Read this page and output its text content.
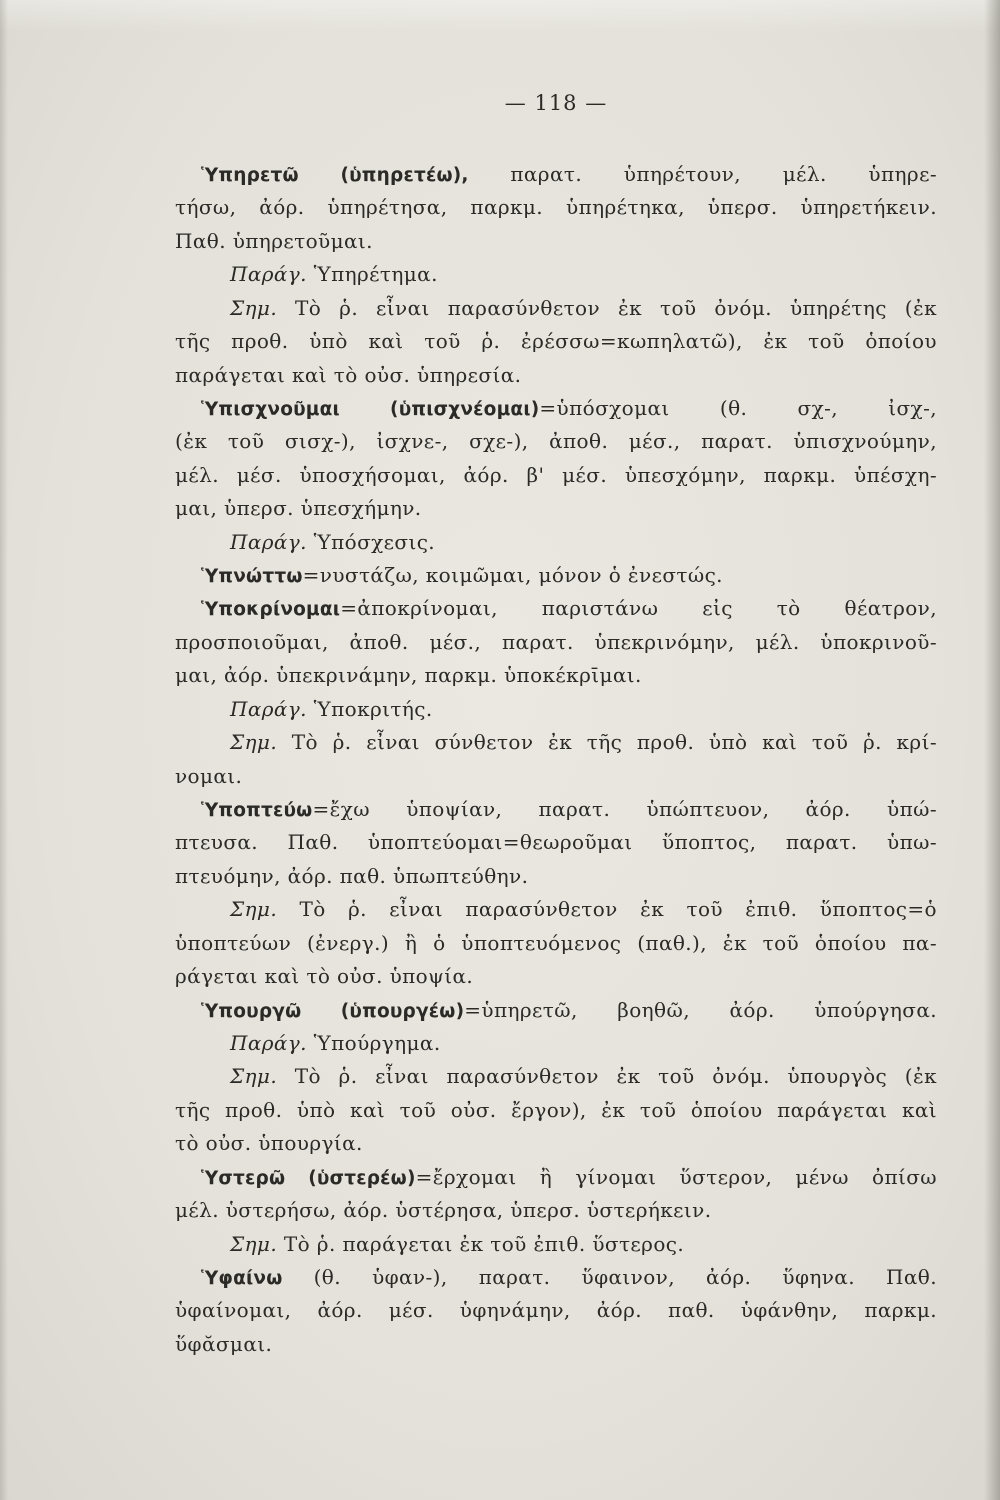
— 118 —
Ὑπηρετῶ (ὑπηρετέω), παρατ. ὑπηρέτουν, μέλ. ὑπηρε-
τήσω, ἀόρ. ὑπηρέτησα, παρκμ. ὑπηρέτηκα, ὑπερσ. ὑπηρετήκειν.
Παθ. ὑπηρετοῦμαι.
Παράγ. Ὑπηρέτημα.
Σημ. Τὸ ῥ. εἶναι παρασύνθετον ἐκ τοῦ ὀνόμ. ὑπηρέτης (ἐκ
τῆς προθ. ὑπὸ καὶ τοῦ ῥ. ἐρέσσω=κωπηλατῶ), ἐκ τοῦ ὁποίου
παράγεται καὶ τὸ οὐσ. ὑπηρεσία.
Ὑπισχνοῦμαι (ὑπισχνέομαι)=ὑπόσχομαι (θ. σχ-, ἰσχ-,
(ἐκ τοῦ σισχ-), ἰσχνε-, σχε-), ἀποθ. μέσ., παρατ. ὑπισχνούμην,
μέλ. μέσ. ὑποσχήσομαι, ἀόρ. β' μέσ. ὑπεσχόμην, παρκμ. ὑπέσχη-
μαι, ὑπερσ. ὑπεσχήμην.
Παράγ. Ὑπόσχεσις.
Ὑπνώττω=νυστάζω, κοιμῶμαι, μόνον ὁ ἐνεστώς.
Ὑποκρίνομαι=ἀποκρίνομαι, παριστάνω εἰς τὸ θέατρον,
προσποιοῦμαι, ἀποθ. μέσ., παρατ. ὑπεκρινόμην, μέλ. ὑποκρινοῦ-
μαι, ἀόρ. ὑπεκρινάμην, παρκμ. ὑποκέκρῑμαι.
Παράγ. Ὑποκριτής.
Σημ. Τὸ ῥ. εἶναι σύνθετον ἐκ τῆς προθ. ὑπὸ καὶ τοῦ ῥ. κρί-
νομαι.
Ὑποπτεύω=ἔχω ὑποψίαν, παρατ. ὑπώπτευον, ἀόρ. ὑπώ-
πτευσα. Παθ. ὑποπτεύομαι=θεωροῦμαι ὕποπτος, παρατ. ὑπω-
πτευόμην, ἀόρ. παθ. ὑπωπτεύθην.
Σημ. Τὸ ῥ. εἶναι παρασύνθετον ἐκ τοῦ ἐπιθ. ὕποπτος=ὁ
ὑποπτεύων (ἐνεργ.) ἢ ὁ ὑποπτευόμενος (παθ.), ἐκ τοῦ ὁποίου πα-
ράγεται καὶ τὸ οὐσ. ὑποψία.
Ὑπουργῶ (ὑπουργέω)=ὑπηρετῶ, βοηθῶ, ἀόρ. ὑπούργησα.
Παράγ. Ὑπούργημα.
Σημ. Τὸ ῥ. εἶναι παρασύνθετον ἐκ τοῦ ὀνόμ. ὑπουργὸς (ἐκ
τῆς προθ. ὑπὸ καὶ τοῦ οὐσ. ἔργον), ἐκ τοῦ ὁποίου παράγεται καὶ
τὸ οὐσ. ὑπουργία.
Ὑστερῶ (ὑστερέω)=ἔρχομαι ἢ γίνομαι ὕστερον, μένω ὀπίσω
μέλ. ὑστερήσω, ἀόρ. ὑστέρησα, ὑπερσ. ὑστερήκειν.
Σημ. Τὸ ῥ. παράγεται ἐκ τοῦ ἐπιθ. ὕστερος.
Ὑφαίνω (θ. ὑφαν-), παρατ. ὕφαινον, ἀόρ. ὕφηνα. Παθ.
ὑφαίνομαι, ἀόρ. μέσ. ὑφηνάμην, ἀόρ. παθ. ὑφάνθην, παρκμ.
ὕφᾰσμαι.
